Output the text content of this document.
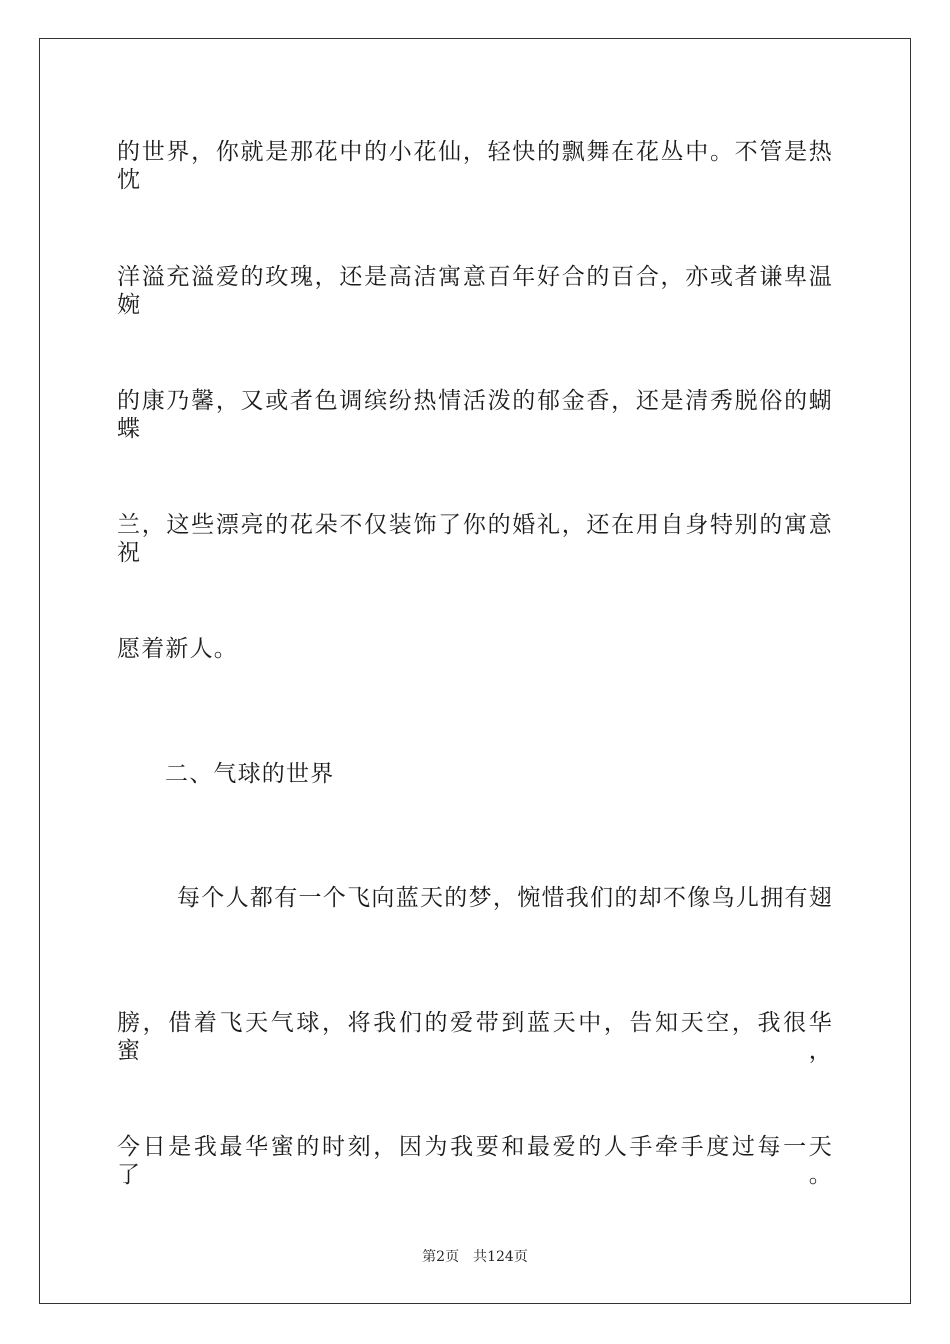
的世界，你就是那花中的小花仙，轻快的飘舞在花丛中。不管是热忱
洋溢充溢爱的玫瑰，还是高洁寓意百年好合的百合，亦或者谦卑温婉
的康乃馨，又或者色调缤纷热情活泼的郁金香，还是清秀脱俗的蝴蝶
兰，这些漂亮的花朵不仅装饰了你的婚礼，还在用自身特别的寓意祝
愿着新人。
二、气球的世界
每个人都有一个飞向蓝天的梦，惋惜我们的却不像鸟儿拥有翅
膀，借着飞天气球，将我们的爱带到蓝天中，告知天空，我很华蜜，
今日是我最华蜜的时刻，因为我要和最爱的人手牵手度过每一天了。
第2页 共124页
